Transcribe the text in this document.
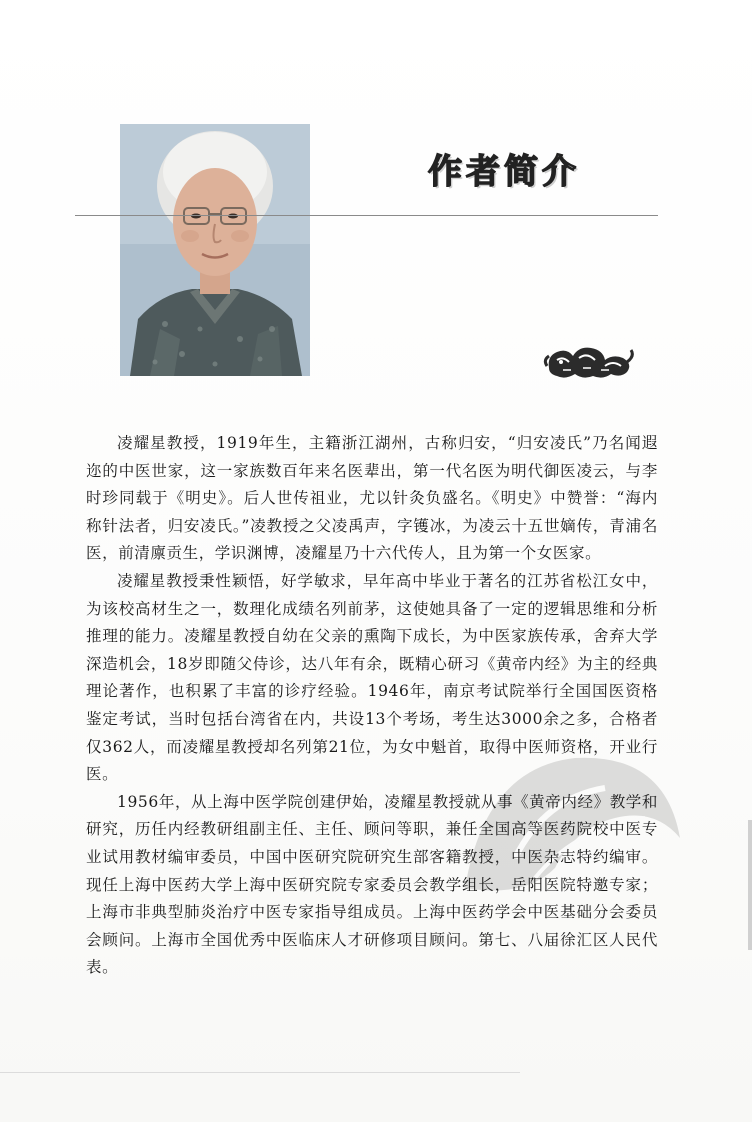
作者简介

凌耀星教授，1919年生，主籍浙江湖州，古称归安，“归安凌氏”乃名闻遐迩的中医世家，这一家族数百年来名医辈出，第一代名医为明代御医凌云，与李时珍同载于《明史》。后人世传祖业，尤以针灸负盛名。《明史》中赞誉：“海内称针法者，归安凌氏。”凌教授之父凌禹声，字镬冰，为凌云十五世嫡传，青浦名医，前清廪贡生，学识渊博，凌耀星乃十六代传人，且为第一个女医家。

凌耀星教授秉性颖悟，好学敏求，早年高中毕业于著名的江苏省松江女中，为该校高材生之一，数理化成绩名列前茅，这使她具备了一定的逻辑思维和分析推理的能力。凌耀星教授自幼在父亲的熏陶下成长，为中医家族传承，舍弃大学深造机会，18岁即随父侍诊，达八年有余，既精心研习《黄帝内经》为主的经典理论著作，也积累了丰富的诊疗经验。1946年，南京考试院举行全国国医资格鉴定考试，当时包括台湾省在内，共设13个考场，考生达3000余之多，合格者仅362人，而凌耀星教授却名列第21位，为女中魁首，取得中医师资格，开业行医。

1956年，从上海中医学院创建伊始，凌耀星教授就从事《黄帝内经》教学和研究，历任内经教研组副主任、主任、顾问等职，兼任全国高等医药院校中医专业试用教材编审委员，中国中医研究院研究生部客籍教授，中医杂志特约编审。现任上海中医药大学上海中医研究院专家委员会教学组长，岳阳医院特邀专家；上海市非典型肺炎治疗中医专家指导组成员。上海中医药学会中医基础分会委员会顾问。上海市全国优秀中医临床人才研修项目顾问。第七、八届徐汇区人民代表。
